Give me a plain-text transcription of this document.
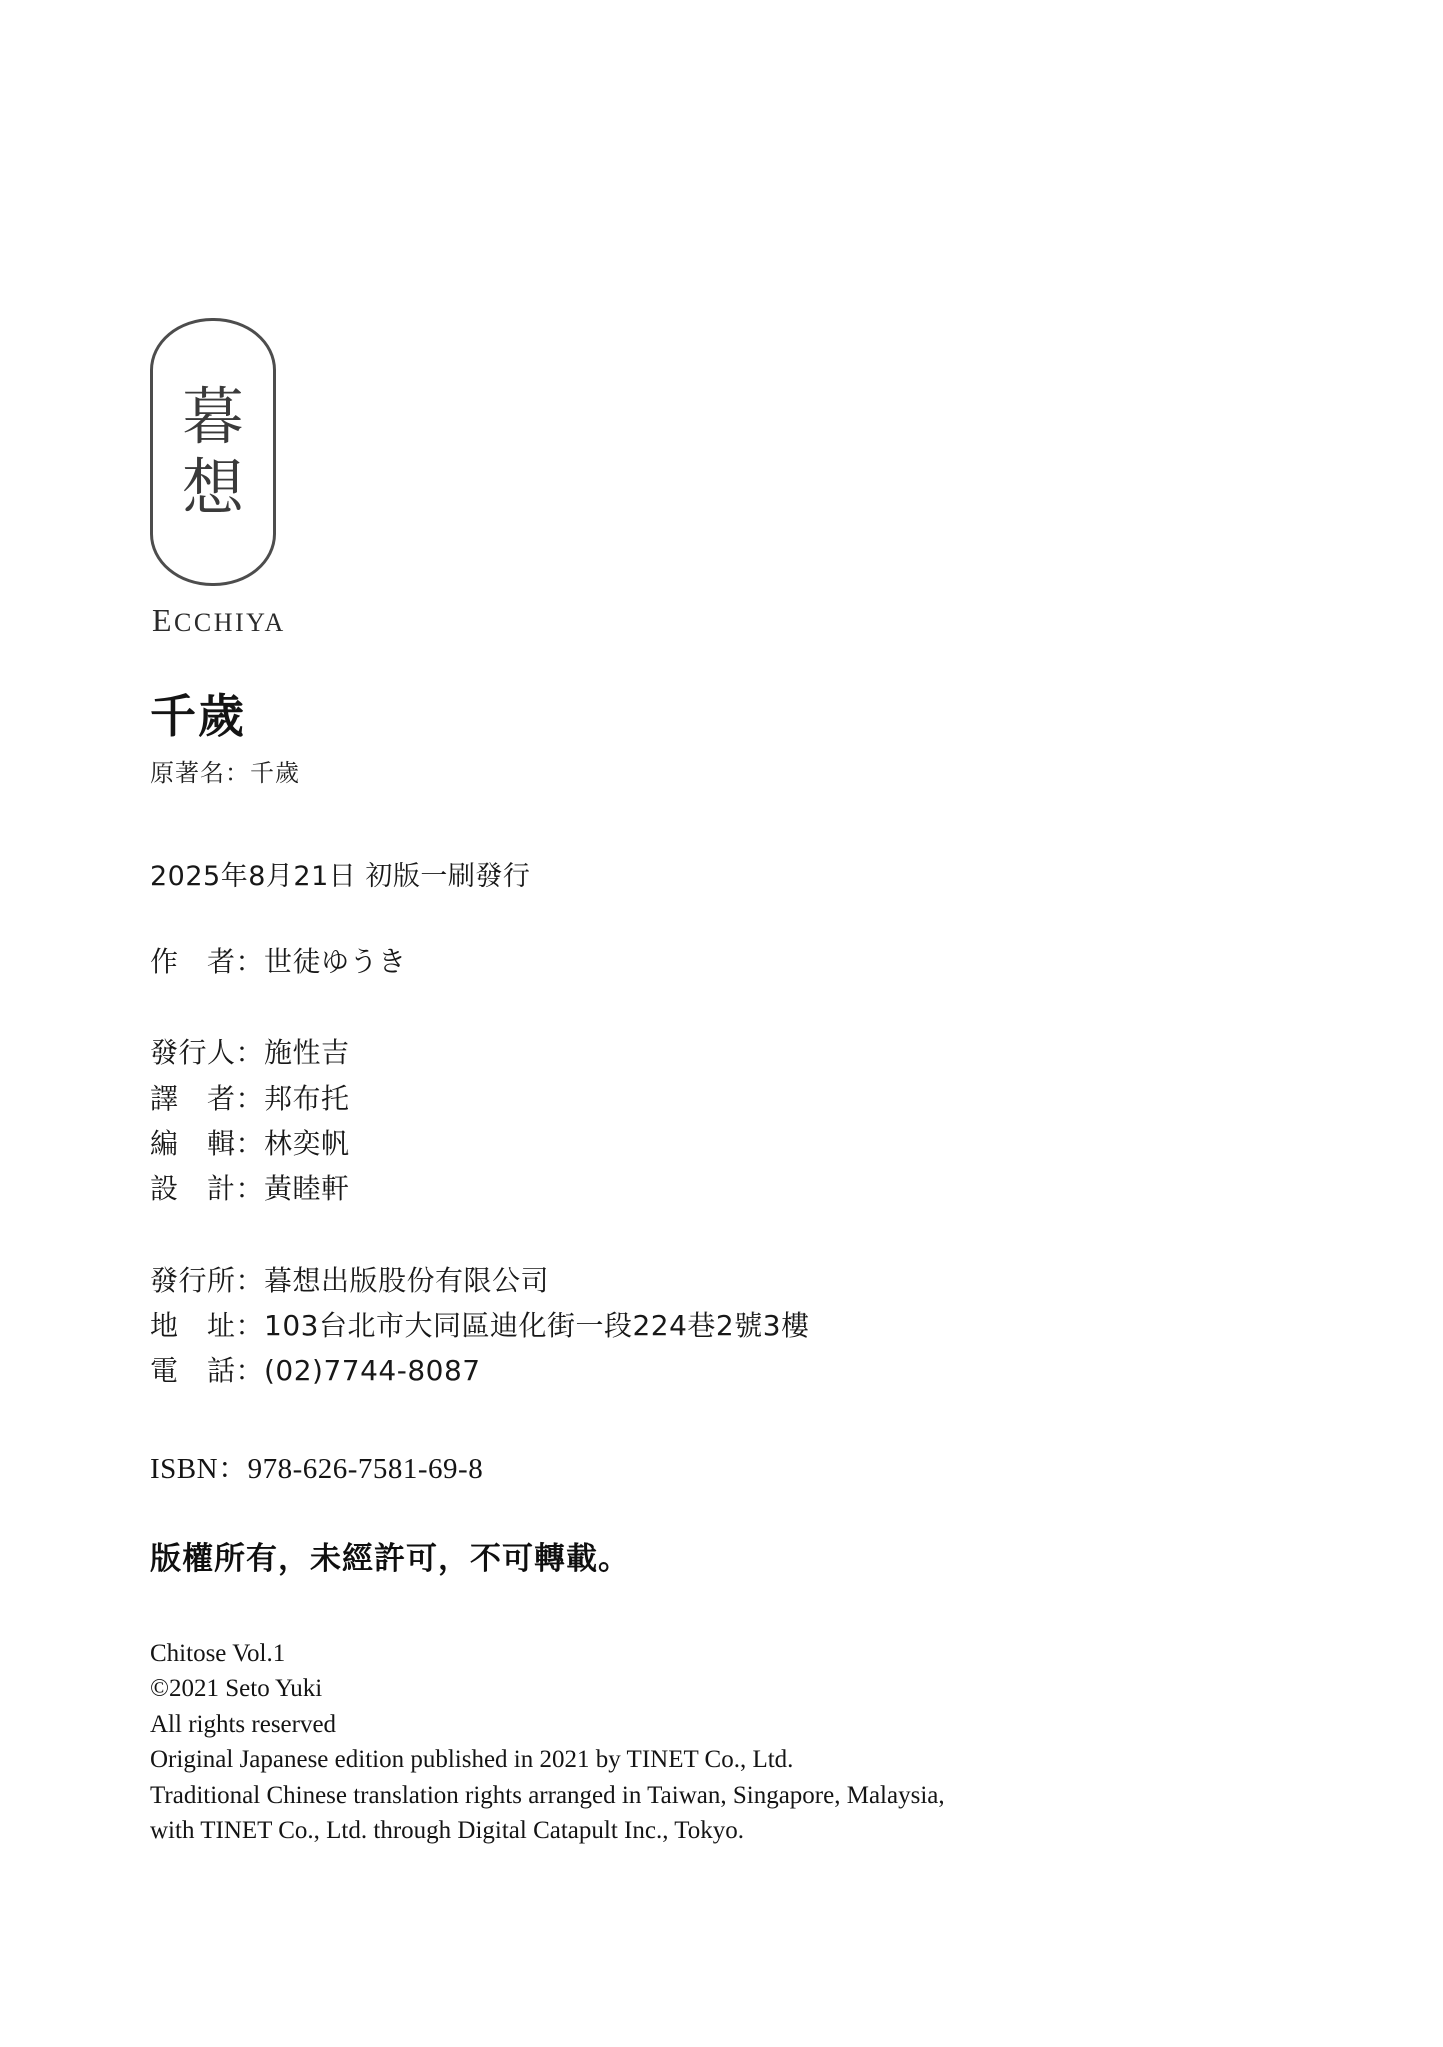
暮
想
ECCHIYA
千歲

原著名：千歲

2025年8月21日 初版一刷發行
作　者：世徒ゆうき
發行人：施性吉
譯　者：邦布托
編　輯：林奕帆
設　計：黃睦軒
發行所：暮想出版股份有限公司
地　址：103台北市大同區迪化街一段224巷2號3樓
電　話：(02)7744-8087
ISBN：978-626-7581-69-8
版權所有，未經許可，不可轉載。
Chitose Vol.1
©2021 Seto Yuki
All rights reserved
Original Japanese edition published in 2021 by TINET Co., Ltd.
Traditional Chinese translation rights arranged in Taiwan, Singapore, Malaysia,
with TINET Co., Ltd. through Digital Catapult Inc., Tokyo.
